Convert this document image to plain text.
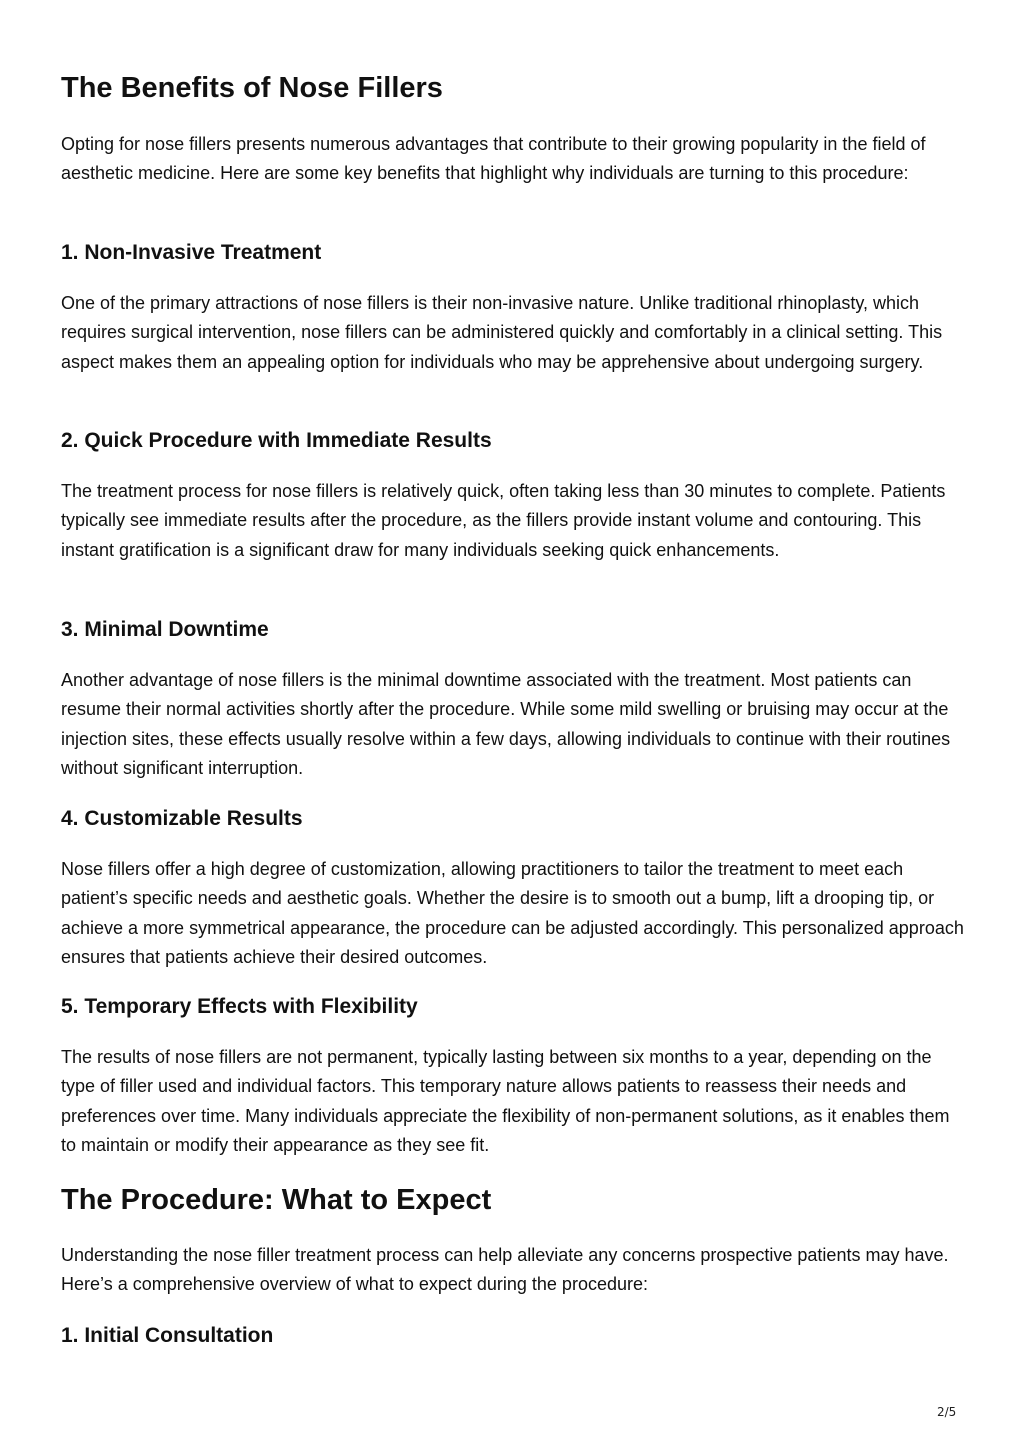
The Benefits of Nose Fillers

Opting for nose fillers presents numerous advantages that contribute to their growing popularity in the field of aesthetic medicine. Here are some key benefits that highlight why individuals are turning to this procedure:

1. Non-Invasive Treatment

One of the primary attractions of nose fillers is their non-invasive nature. Unlike traditional rhinoplasty, which requires surgical intervention, nose fillers can be administered quickly and comfortably in a clinical setting. This aspect makes them an appealing option for individuals who may be apprehensive about undergoing surgery.

2. Quick Procedure with Immediate Results

The treatment process for nose fillers is relatively quick, often taking less than 30 minutes to complete. Patients typically see immediate results after the procedure, as the fillers provide instant volume and contouring. This instant gratification is a significant draw for many individuals seeking quick enhancements.

3. Minimal Downtime

Another advantage of nose fillers is the minimal downtime associated with the treatment. Most patients can resume their normal activities shortly after the procedure. While some mild swelling or bruising may occur at the injection sites, these effects usually resolve within a few days, allowing individuals to continue with their routines without significant interruption.

4. Customizable Results

Nose fillers offer a high degree of customization, allowing practitioners to tailor the treatment to meet each patient’s specific needs and aesthetic goals. Whether the desire is to smooth out a bump, lift a drooping tip, or achieve a more symmetrical appearance, the procedure can be adjusted accordingly. This personalized approach ensures that patients achieve their desired outcomes.

5. Temporary Effects with Flexibility

The results of nose fillers are not permanent, typically lasting between six months to a year, depending on the type of filler used and individual factors. This temporary nature allows patients to reassess their needs and preferences over time. Many individuals appreciate the flexibility of non-permanent solutions, as it enables them to maintain or modify their appearance as they see fit.

The Procedure: What to Expect

Understanding the nose filler treatment process can help alleviate any concerns prospective patients may have. Here’s a comprehensive overview of what to expect during the procedure:

1. Initial Consultation
2/5
